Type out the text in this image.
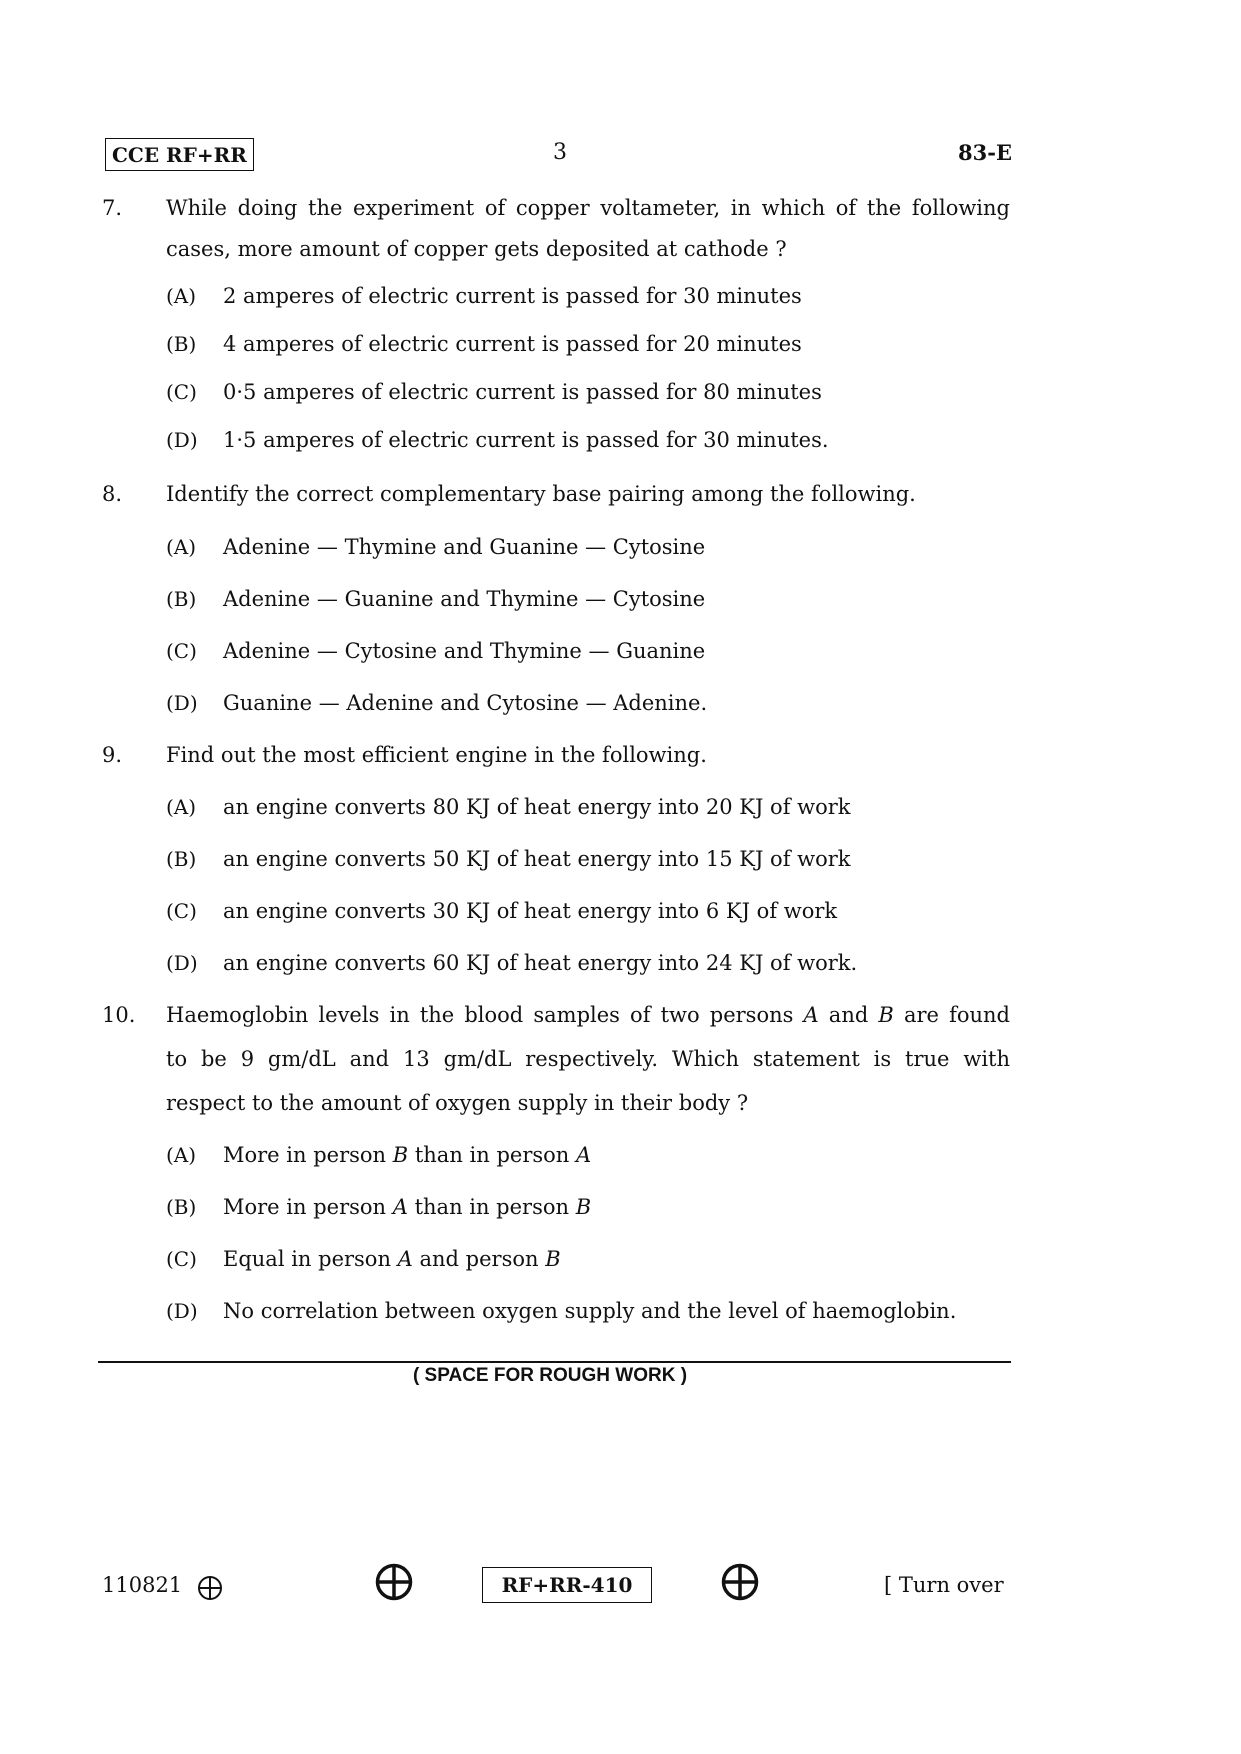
CCE RF+RR	3	83-E
7. While doing the experiment of copper voltameter, in which of the following
cases, more amount of copper gets deposited at cathode ?
(A) 2 amperes of electric current is passed for 30 minutes
(B) 4 amperes of electric current is passed for 20 minutes
(C) 0·5 amperes of electric current is passed for 80 minutes
(D) 1·5 amperes of electric current is passed for 30 minutes.
8. Identify the correct complementary base pairing among the following.
(A) Adenine — Thymine and Guanine — Cytosine
(B) Adenine — Guanine and Thymine — Cytosine
(C) Adenine — Cytosine and Thymine — Guanine
(D) Guanine — Adenine and Cytosine — Adenine.
9. Find out the most efficient engine in the following.
(A) an engine converts 80 KJ of heat energy into 20 KJ of work
(B) an engine converts 50 KJ of heat energy into 15 KJ of work
(C) an engine converts 30 KJ of heat energy into 6 KJ of work
(D) an engine converts 60 KJ of heat energy into 24 KJ of work.
10. Haemoglobin levels in the blood samples of two persons A and B are found
to be 9 gm/dL and 13 gm/dL respectively. Which statement is true with
respect to the amount of oxygen supply in their body ?
(A) More in person B than in person A
(B) More in person A than in person B
(C) Equal in person A and person B
(D) No correlation between oxygen supply and the level of haemoglobin.
( SPACE FOR ROUGH WORK )
110821	RF+RR-410	[ Turn over
